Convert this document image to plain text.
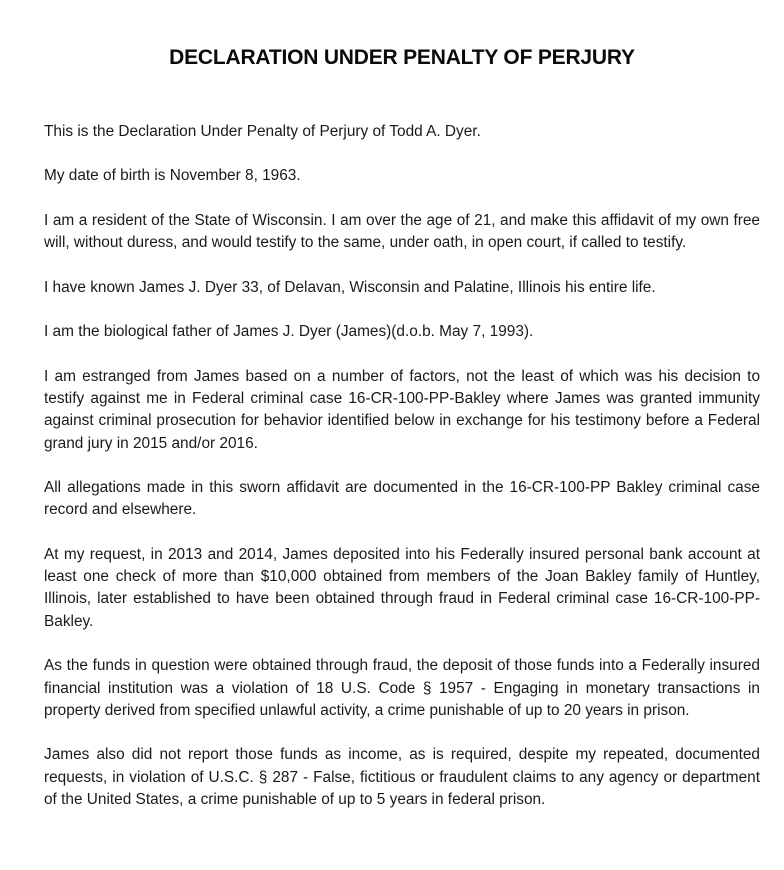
DECLARATION UNDER PENALTY OF PERJURY

This is the Declaration Under Penalty of Perjury of Todd A. Dyer.

My date of birth is November 8, 1963.

I am a resident of the State of Wisconsin. I am over the age of 21, and make this affidavit of my own free will, without duress, and would testify to the same, under oath, in open court, if called to testify.

I have known James J. Dyer 33, of Delavan, Wisconsin and Palatine, Illinois his entire life.

I am the biological father of James J. Dyer (James)(d.o.b. May 7, 1993).

I am estranged from James based on a number of factors, not the least of which was his decision to testify against me in Federal criminal case 16-CR-100-PP-Bakley where James was granted immunity against criminal prosecution for behavior identified below in exchange for his testimony before a Federal grand jury in 2015 and/or 2016.

All allegations made in this sworn affidavit are documented in the 16-CR-100-PP Bakley criminal case record and elsewhere.

At my request, in 2013 and 2014, James deposited into his Federally insured personal bank account at least one check of more than $10,000 obtained from members of the Joan Bakley family of Huntley, Illinois, later established to have been obtained through fraud in Federal criminal case 16-CR-100-PP-Bakley.

As the funds in question were obtained through fraud, the deposit of those funds into a Federally insured financial institution was a violation of 18 U.S. Code § 1957 - Engaging in monetary transactions in property derived from specified unlawful activity, a crime punishable of up to 20 years in prison.

James also did not report those funds as income, as is required, despite my repeated, documented requests, in violation of U.S.C. § 287 - False, fictitious or fraudulent claims to any agency or department of the United States, a crime punishable of up to 5 years in federal prison.
